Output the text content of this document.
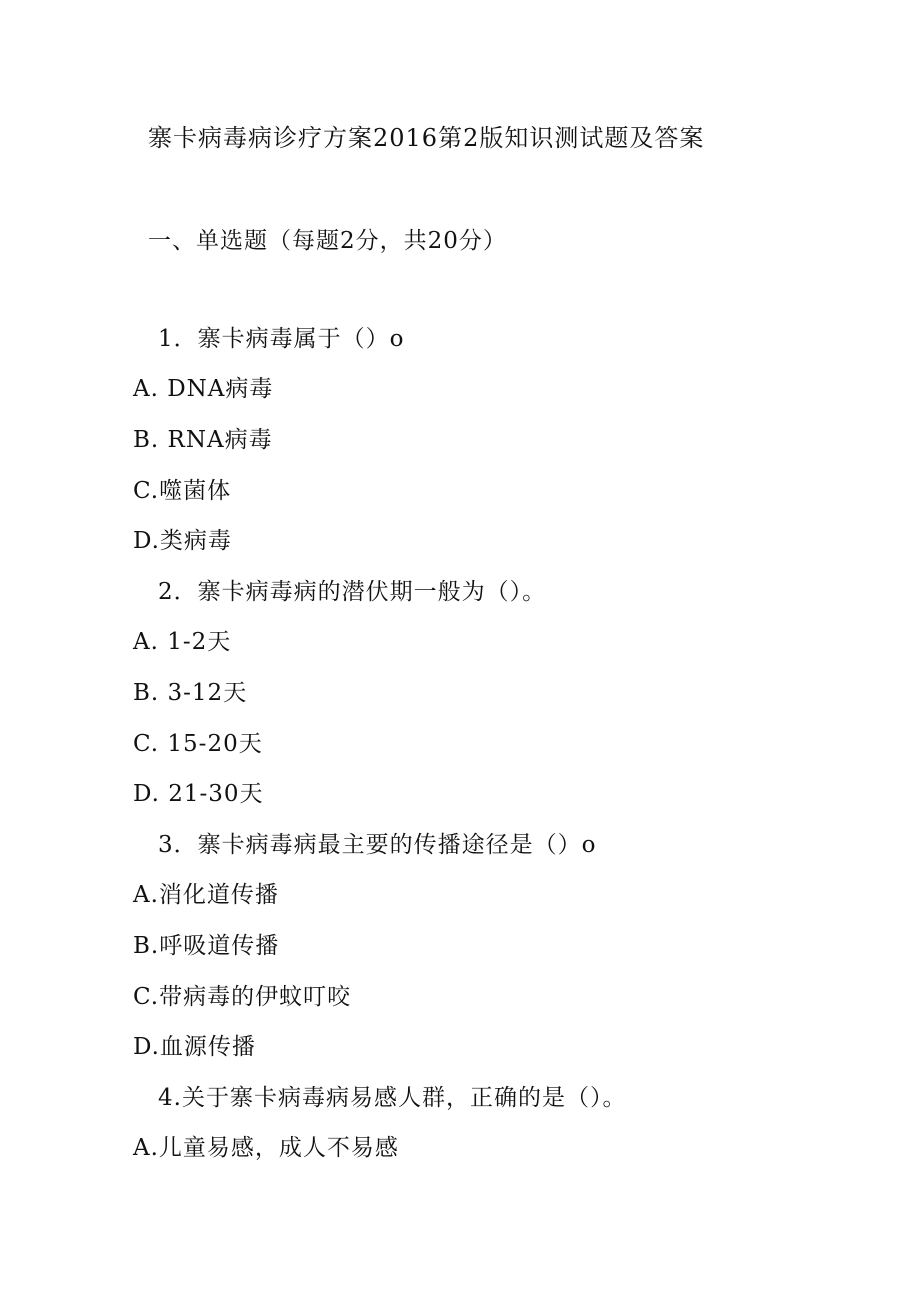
寨卡病毒病诊疗方案2016第2版知识测试题及答案
一、单选题（每题2分，共20分）
1．寨卡病毒属于（）o
A. DNA病毒
B. RNA病毒
C.噬菌体
D.类病毒
2．寨卡病毒病的潜伏期一般为（）。
A. 1-2天
B. 3-12天
C. 15-20天
D. 21-30天
3．寨卡病毒病最主要的传播途径是（）o
A.消化道传播
B.呼吸道传播
C.带病毒的伊蚊叮咬
D.血源传播
4.关于寨卡病毒病易感人群，正确的是（）。
A.儿童易感，成人不易感
